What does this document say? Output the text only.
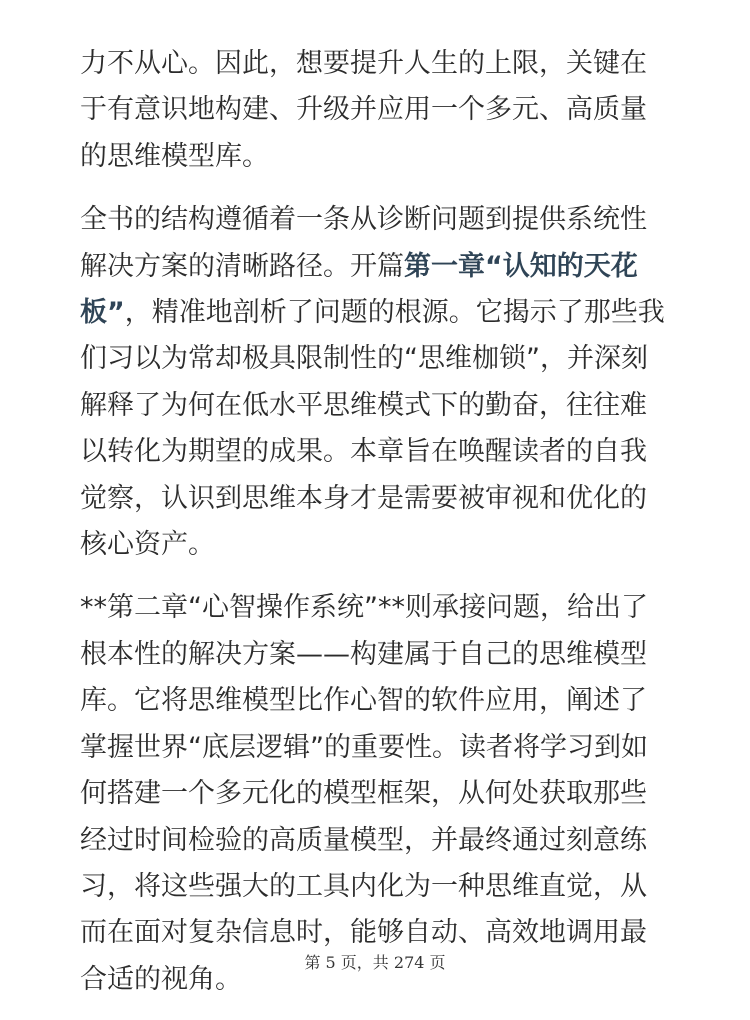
力不从心。因此，想要提升人生的上限，关键在于有意识地构建、升级并应用一个多元、高质量的思维模型库。

全书的结构遵循着一条从诊断问题到提供系统性解决方案的清晰路径。开篇第一章“认知的天花板”，精准地剖析了问题的根源。它揭示了那些我们习以为常却极具限制性的“思维枷锁”，并深刻解释了为何在低水平思维模式下的勤奋，往往难以转化为期望的成果。本章旨在唤醒读者的自我觉察，认识到思维本身才是需要被审视和优化的核心资产。

**第二章“心智操作系统”**则承接问题，给出了根本性的解决方案——构建属于自己的思维模型库。它将思维模型比作心智的软件应用，阐述了掌握世界“底层逻辑”的重要性。读者将学习到如何搭建一个多元化的模型框架，从何处获取那些经过时间检验的高质量模型，并最终通过刻意练习，将这些强大的工具内化为一种思维直觉，从而在面对复杂信息时，能够自动、高效地调用最合适的视角。

第 5 页，共 274 页
